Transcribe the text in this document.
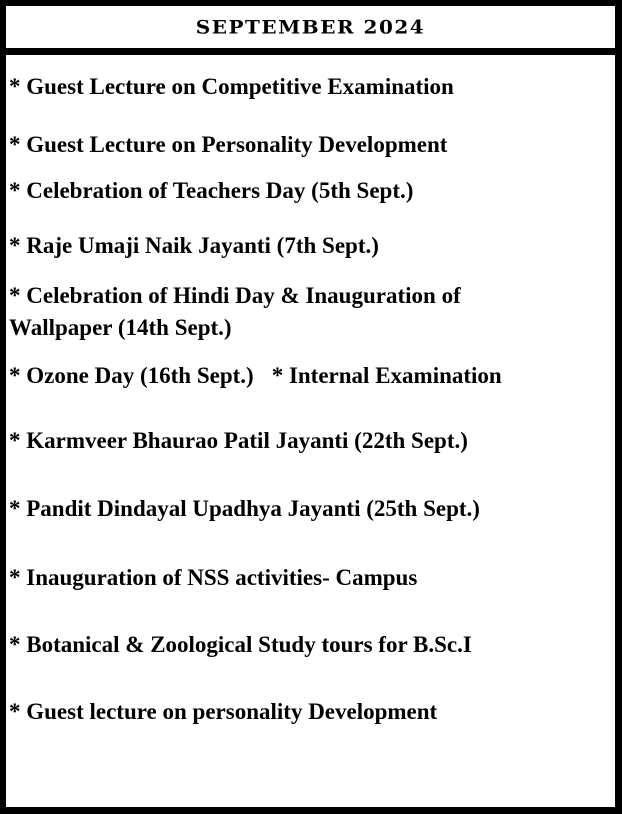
SEPTEMBER 2024
* Guest Lecture on Competitive Examination
* Guest Lecture on Personality Development
* Celebration of Teachers Day (5th Sept.)
* Raje Umaji Naik Jayanti (7th Sept.)
* Celebration of Hindi Day & Inauguration of Wallpaper (14th Sept.)
* Ozone Day (16th Sept.) * Internal Examination
* Karmveer Bhaurao Patil Jayanti (22th Sept.)
* Pandit Dindayal Upadhya Jayanti (25th Sept.)
* Inauguration of NSS activities- Campus
* Botanical & Zoological Study tours for B.Sc.I
* Guest lecture on personality Development
